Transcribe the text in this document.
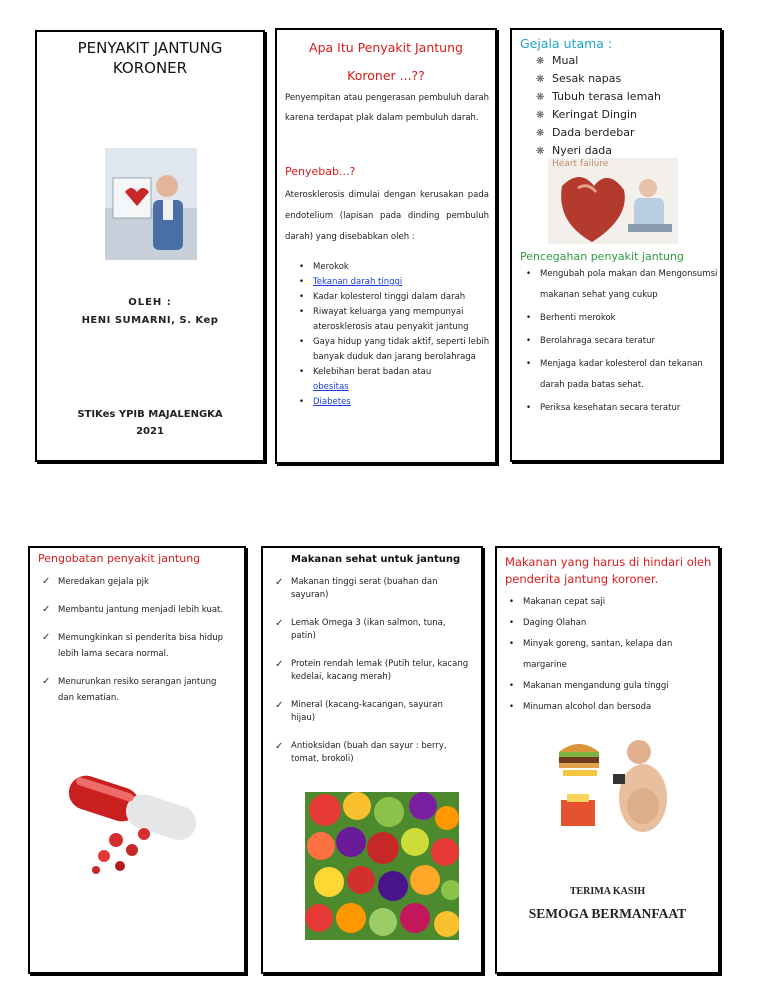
PENYAKIT JANTUNG
KORONER
OLEH :
HENI SUMARNI, S. Kep
STIKes YPIB MAJALENGKA
2021
Apa Itu Penyakit Jantung
Koroner ...??
Penyempitan atau pengerasan pembuluh darah karena terdapat plak dalam pembuluh darah.
Penyebab...?
Aterosklerosis dimulai dengan kerusakan pada endotelium (lapisan pada dinding pembuluh darah) yang disebabkan oleh :
• Merokok
• Tekanan darah tinggi
• Kadar kolesterol tinggi dalam darah
• Riwayat keluarga yang mempunyai aterosklerosis atau penyakit jantung
• Gaya hidup yang tidak aktif, seperti lebih banyak duduk dan jarang berolahraga
• Kelebihan berat badan atau
obesitas
• Diabetes
Gejala utama :
❋ Mual
❋ Sesak napas
❋ Tubuh terasa lemah
❋ Keringat Dingin
❋ Dada berdebar
❋ Nyeri dada
Heart failure
Pencegahan penyakit jantung
• Mengubah pola makan dan Mengonsumsi makanan sehat yang cukup
• Berhenti merokok
• Berolahraga secara teratur
• Menjaga kadar kolesterol dan tekanan darah pada batas sehat.
• Periksa kesehatan secara teratur
Pengobatan penyakit jantung
✓ Meredakan gejala pjk
✓ Membantu jantung menjadi lebih kuat.
✓ Memungkinkan si penderita bisa hidup lebih lama secara normal.
✓ Menurunkan resiko serangan jantung dan kematian.
Makanan sehat untuk jantung
✓ Makanan tinggi serat (buahan dan sayuran)
✓ Lemak Omega 3 (ikan salmon, tuna, patin)
✓ Protein rendah lemak (Putih telur, kacang kedelai, kacang merah)
✓ Mineral (kacang-kacangan, sayuran hijau)
✓ Antioksidan (buah dan sayur : berry, tomat, brokoli)
Makanan yang harus di hindari oleh penderita jantung koroner.
• Makanan cepat saji
• Daging Olahan
• Minyak goreng, santan, kelapa dan margarine
• Makanan mengandung gula tinggi
• Minuman alcohol dan bersoda
TERIMA KASIH
SEMOGA BERMANFAAT
